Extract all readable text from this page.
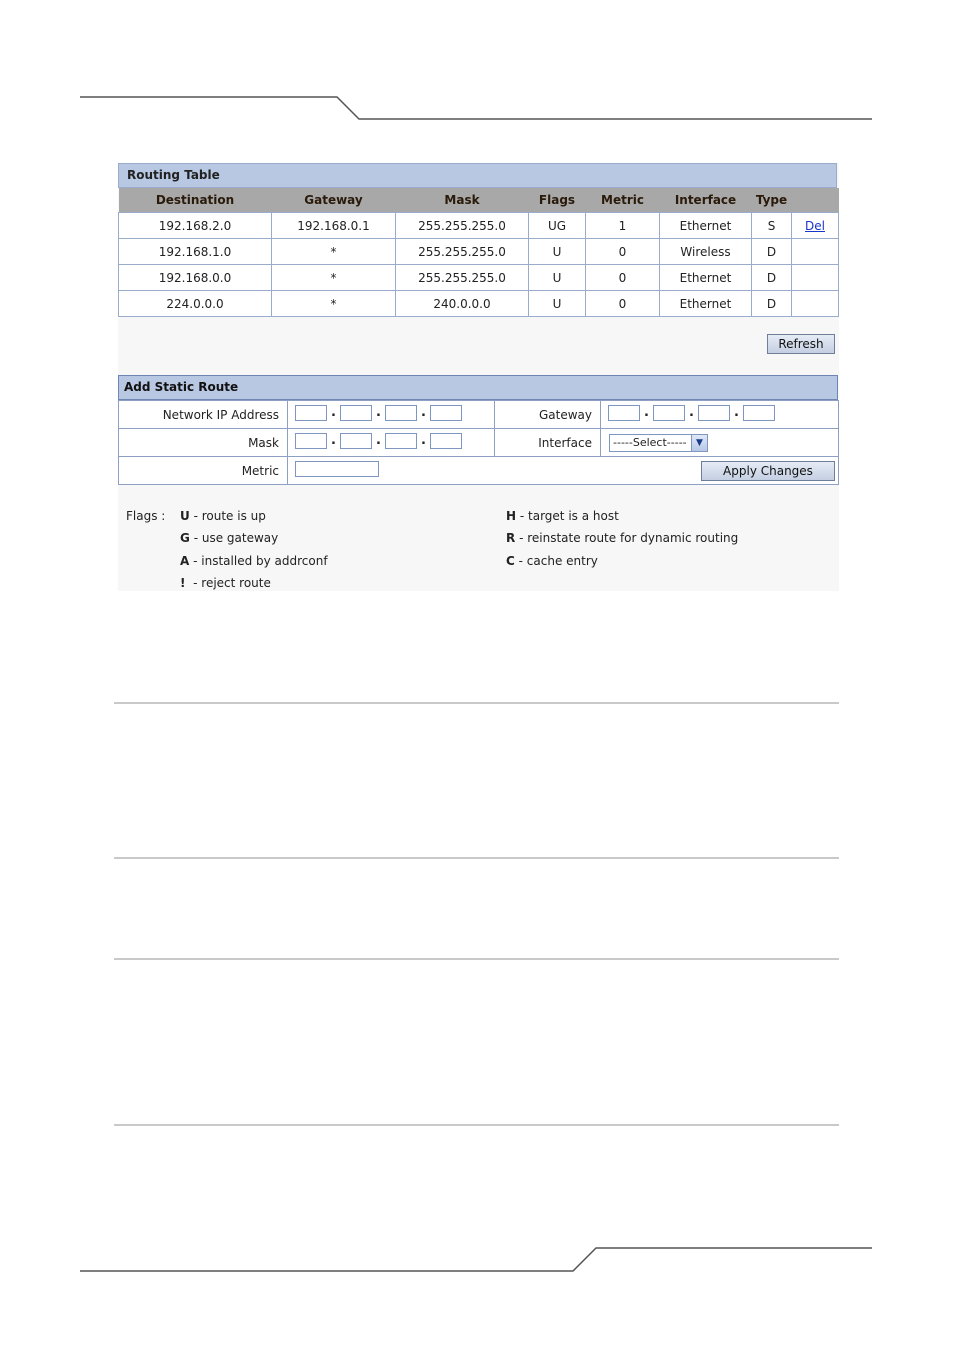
Routing Table
Destination	Gateway	Mask	Flags	Metric	Interface	Type	
192.168.2.0	192.168.0.1	255.255.255.0	UG	1	Ethernet	S	Del
192.168.1.0	*	255.255.255.0	U	0	Wireless	D	
192.168.0.0	*	255.255.255.0	U	0	Ethernet	D	
224.0.0.0	*	240.0.0.0	U	0	Ethernet	D	
Refresh
Add Static Route
Network IP Address	. . .	Gateway	. . .

Mask	. . .	Interface	-----Select----- ▼

Metric	Apply Changes		
Flags : U - route is up
G - use gateway
A - installed by addrconf
! - reject route
H - target is a host
R - reinstate route for dynamic routing
C - cache entry
